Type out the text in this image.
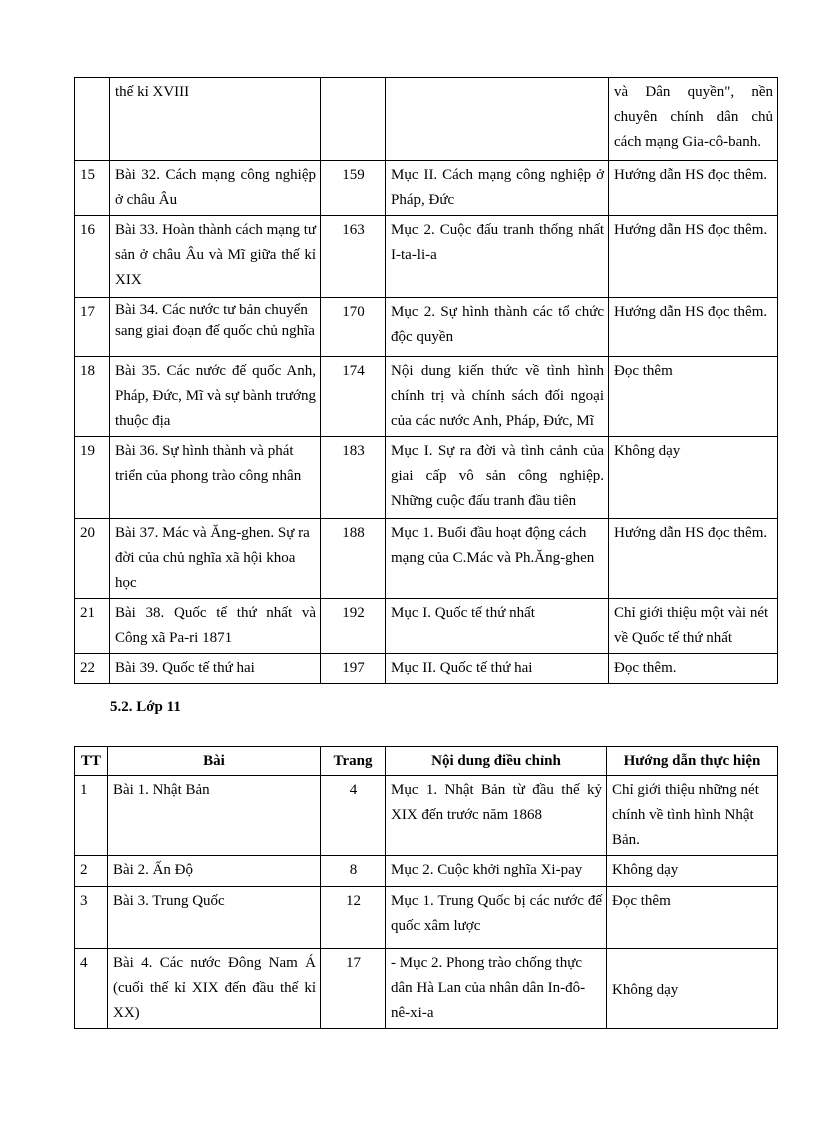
	thế kỉ XVIII			và Dân quyền", nền chuyên chính dân chủ cách mạng Gia-cô-banh.
15	Bài 32. Cách mạng công nghiệp ở châu Âu	159	Mục II. Cách mạng công nghiệp ở Pháp, Đức	Hướng dẫn HS đọc thêm.
16	Bài 33. Hoàn thành cách mạng tư sản ở châu Âu và Mĩ giữa thế kỉ XIX	163	Mục 2. Cuộc đấu tranh thống nhất I-ta-li-a	Hướng dẫn HS đọc thêm.
17	Bài 34. Các nước tư bản chuyển sang giai đoạn đế quốc chủ nghĩa	170	Mục 2. Sự hình thành các tổ chức độc quyền	Hướng dẫn HS đọc thêm.
18	Bài 35. Các nước đế quốc Anh, Pháp, Đức, Mĩ và sự bành trướng thuộc địa	174	Nội dung kiến thức về tình hình chính trị và chính sách đối ngoại của các nước Anh, Pháp, Đức, Mĩ	Đọc thêm
19	Bài 36. Sự hình thành và phát triển của phong trào công nhân	183	Mục I. Sự ra đời và tình cảnh của giai cấp vô sản công nghiệp. Những cuộc đấu tranh đầu tiên	Không dạy
20	Bài 37. Mác và Ăng-ghen. Sự ra đời của chủ nghĩa xã hội khoa học	188	Mục 1. Buổi đầu hoạt động cách mạng của C.Mác và Ph.Ăng-ghen	Hướng dẫn HS đọc thêm.
21	Bài 38. Quốc tế thứ nhất và Công xã Pa-ri 1871	192	Mục I. Quốc tế thứ nhất	Chỉ giới thiệu một vài nét về Quốc tế thứ nhất
22	Bài 39. Quốc tế thứ hai	197	Mục II. Quốc tế thứ hai	Đọc thêm.

5.2. Lớp 11

TT	Bài	Trang	Nội dung điều chỉnh	Hướng dẫn thực hiện
1	Bài 1. Nhật Bản	4	Mục 1. Nhật Bản từ đầu thế kỷ XIX đến trước năm 1868	Chỉ giới thiệu những nét chính về tình hình Nhật Bản.
2	Bài 2. Ấn Độ	8	Mục 2. Cuộc khởi nghĩa Xi-pay	Không dạy
3	Bài 3. Trung Quốc	12	Mục 1. Trung Quốc bị các nước đế quốc xâm lược	Đọc thêm
4	Bài 4. Các nước Đông Nam Á (cuối thế kỉ XIX đến đầu thế kỉ XX)	17	- Mục 2. Phong trào chống thực dân Hà Lan của nhân dân In-đô-nê-xi-a	Không dạy
